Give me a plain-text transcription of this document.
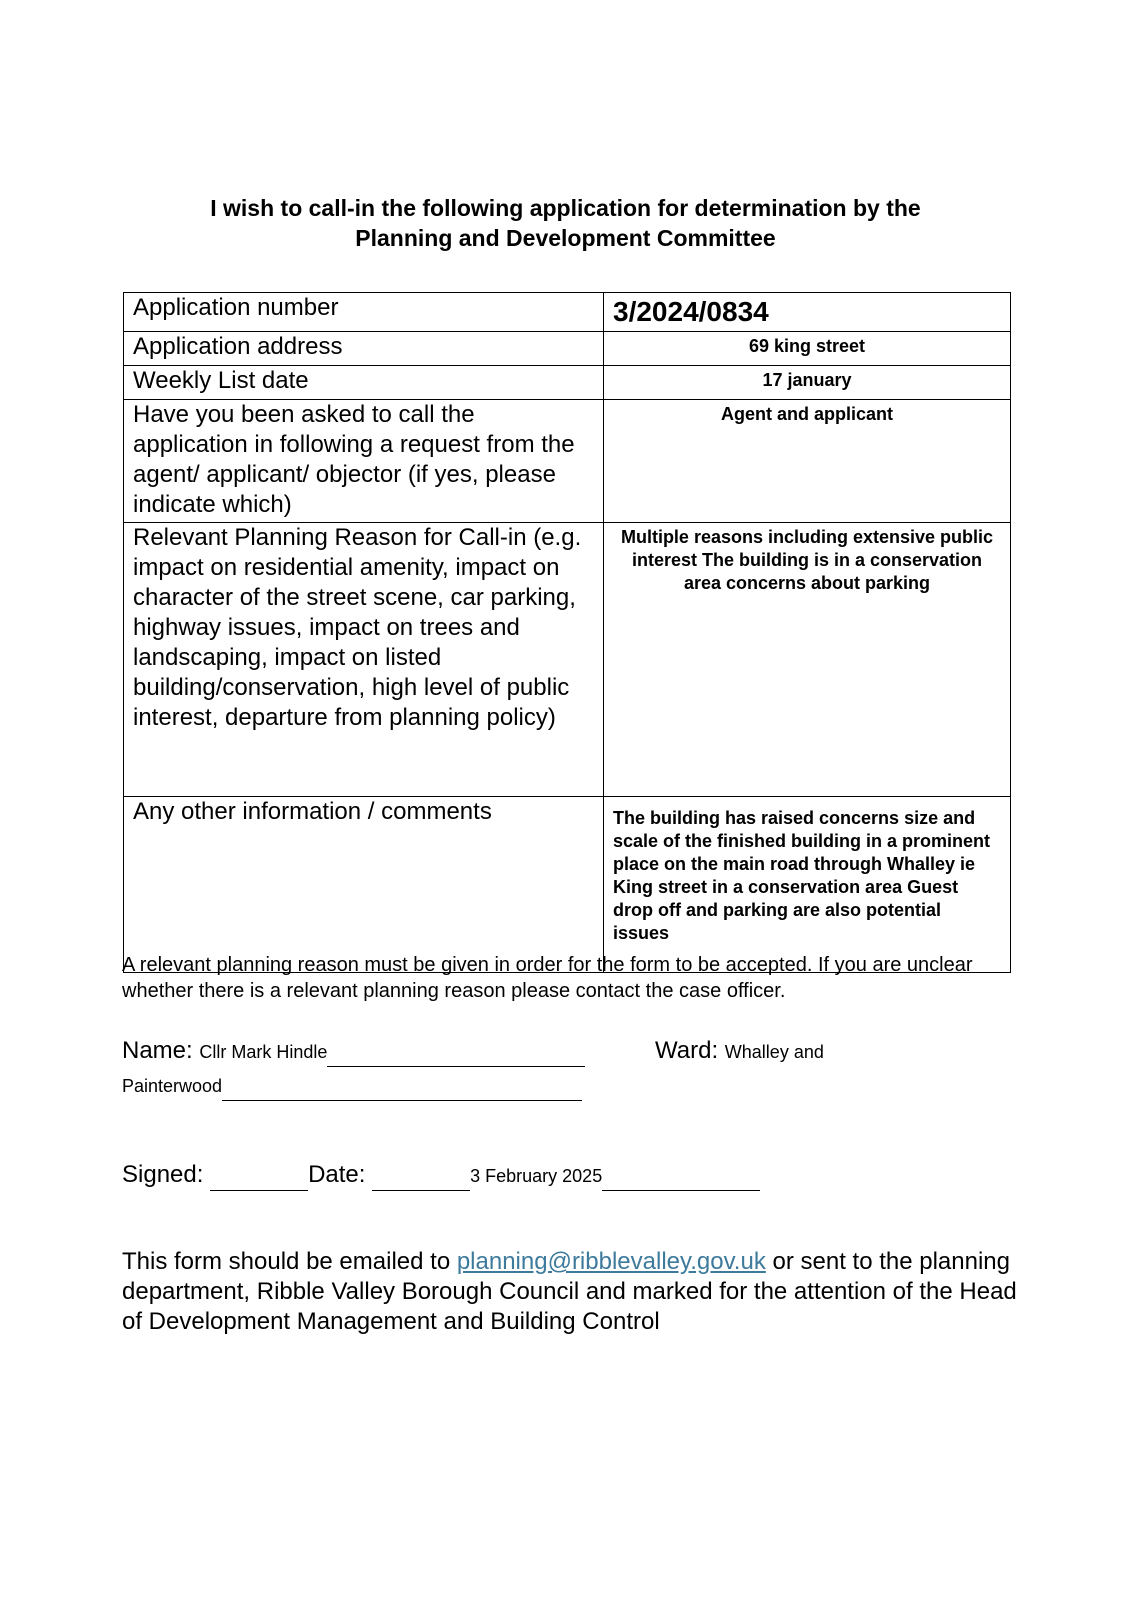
I wish to call-in the following application for determination by the
Planning and Development Committee
Application number	3/2024/0834
Application address	69 king street
Weekly List date	17 january
Have you been asked to call the application in following a request from the agent/ applicant/ objector (if yes, please indicate which)	Agent and applicant
Relevant Planning Reason for Call-in (e.g. impact on residential amenity, impact on character of the street scene, car parking, highway issues, impact on trees and landscaping, impact on listed building/conservation, high level of public interest, departure from planning policy)	Multiple reasons including extensive public interest The building is in a conservation area concerns about parking
Any other information / comments	The building has raised concerns size and scale of the finished building in a prominent place on the main road through Whalley ie King street in a conservation area Guest drop off and parking are also potential issues
A relevant planning reason must be given in order for the form to be accepted. If you are unclear whether there is a relevant planning reason please contact the case officer.
Name: Cllr Mark Hindle	Ward: Whalley and
Painterwood
Signed:	Date:	3 February 2025
This form should be emailed to planning@ribblevalley.gov.uk or sent to the planning department, Ribble Valley Borough Council and marked for the attention of the Head of Development Management and Building Control
